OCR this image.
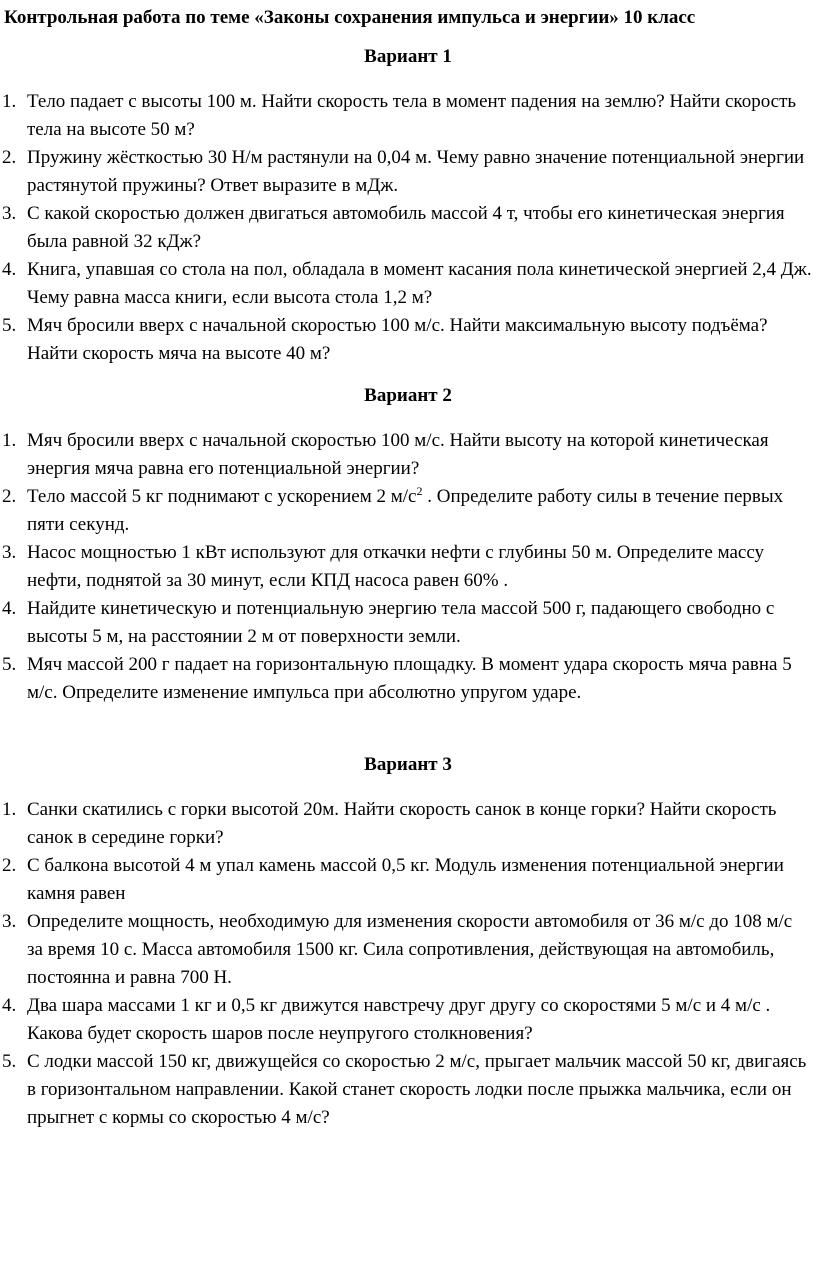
Контрольная работа по теме «Законы сохранения импульса и энергии» 10 класс
Вариант 1
1. Тело падает с высоты 100 м. Найти скорость тела в момент падения на землю? Найти скорость тела на высоте 50 м?
2. Пружину жёсткостью 30 Н/м растянули на 0,04 м. Чему равно значение потенциальной энергии растянутой пружины? Ответ выразите в мДж.
3. С какой скоростью должен двигаться автомобиль массой 4 т, чтобы его кинетическая энергия была равной 32 кДж?
4. Книга, упавшая со стола на пол, обладала в момент касания пола кинетической энергией 2,4 Дж. Чему равна масса книги, если высота стола 1,2 м?
5. Мяч бросили вверх с начальной скоростью 100 м/с. Найти максимальную высоту подъёма? Найти скорость мяча на высоте 40 м?
Вариант 2
1. Мяч бросили вверх с начальной скоростью 100 м/с. Найти высоту на которой кинетическая энергия мяча равна его потенциальной энергии?
2. Тело массой 5 кг поднимают с ускорением 2 $м/с^2$ . Определите работу силы в течение первых пяти секунд.
3. Насос мощностью 1 кВт используют для откачки нефти с глубины 50 м. Определите массу нефти, поднятой за 30 минут, если КПД насоса равен 60% .
4. Найдите кинетическую и потенциальную энергию тела массой 500 г, падающего свободно с высоты 5 м, на расстоянии 2 м от поверхности земли.
5. Мяч массой 200 г падает на горизонтальную площадку. В момент удара скорость мяча равна 5 м/с. Определите изменение импульса при абсолютно упругом ударе.
Вариант 3
1. Санки скатились с горки высотой 20м. Найти скорость санок в конце горки? Найти скорость санок в середине горки?
2. С балкона высотой 4 м упал камень массой 0,5 кг. Модуль изменения потенциальной энергии камня равен
3. Определите мощность, необходимую для изменения скорости автомобиля от 36 м/с до 108 м/с за время 10 с. Масса автомобиля 1500 кг. Сила сопротивления, действующая на автомобиль, постоянна и равна 700 Н.
4. Два шара массами 1 кг и 0,5 кг движутся навстречу друг другу со скоростями 5 м/с и 4 м/с . Какова будет скорость шаров после неупругого столкновения?
5. С лодки массой 150 кг, движущейся со скоростью 2 м/с, прыгает мальчик массой 50 кг, двигаясь в горизонтальном направлении. Какой станет скорость лодки после прыжка мальчика, если он прыгнет с кормы со скоростью 4 м/с?
